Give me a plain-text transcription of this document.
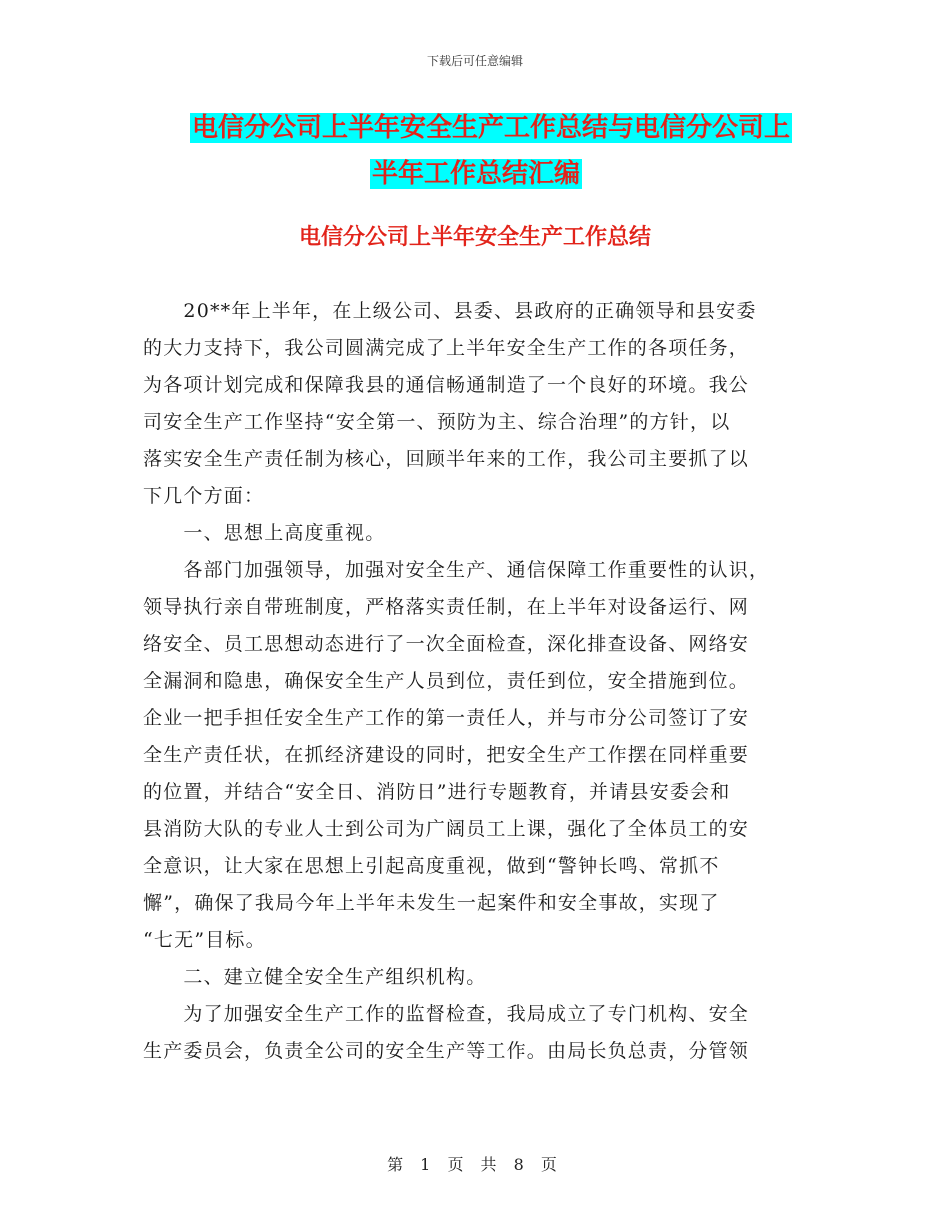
下载后可任意编辑
电信分公司上半年安全生产工作总结与电信分公司上
半年工作总结汇编
电信分公司上半年安全生产工作总结
　　20**年上半年，在上级公司、县委、县政府的正确领导和县安委
的大力支持下，我公司圆满完成了上半年安全生产工作的各项任务，
为各项计划完成和保障我县的通信畅通制造了一个良好的环境。我公
司安全生产工作坚持“安全第一、预防为主、综合治理”的方针，以
落实安全生产责任制为核心，回顾半年来的工作，我公司主要抓了以
下几个方面：
　　一、思想上高度重视。
　　各部门加强领导，加强对安全生产、通信保障工作重要性的认识，
领导执行亲自带班制度，严格落实责任制，在上半年对设备运行、网
络安全、员工思想动态进行了一次全面检查，深化排查设备、网络安
全漏洞和隐患，确保安全生产人员到位，责任到位，安全措施到位。
企业一把手担任安全生产工作的第一责任人，并与市分公司签订了安
全生产责任状，在抓经济建设的同时，把安全生产工作摆在同样重要
的位置，并结合“安全日、消防日”进行专题教育，并请县安委会和
县消防大队的专业人士到公司为广阔员工上课，强化了全体员工的安
全意识，让大家在思想上引起高度重视，做到“警钟长鸣、常抓不
懈”，确保了我局今年上半年未发生一起案件和安全事故，实现了
“七无”目标。
　　二、建立健全安全生产组织机构。
　　为了加强安全生产工作的监督检查，我局成立了专门机构、安全
生产委员会，负责全公司的安全生产等工作。由局长负总责，分管领
第 1 页 共 8 页
